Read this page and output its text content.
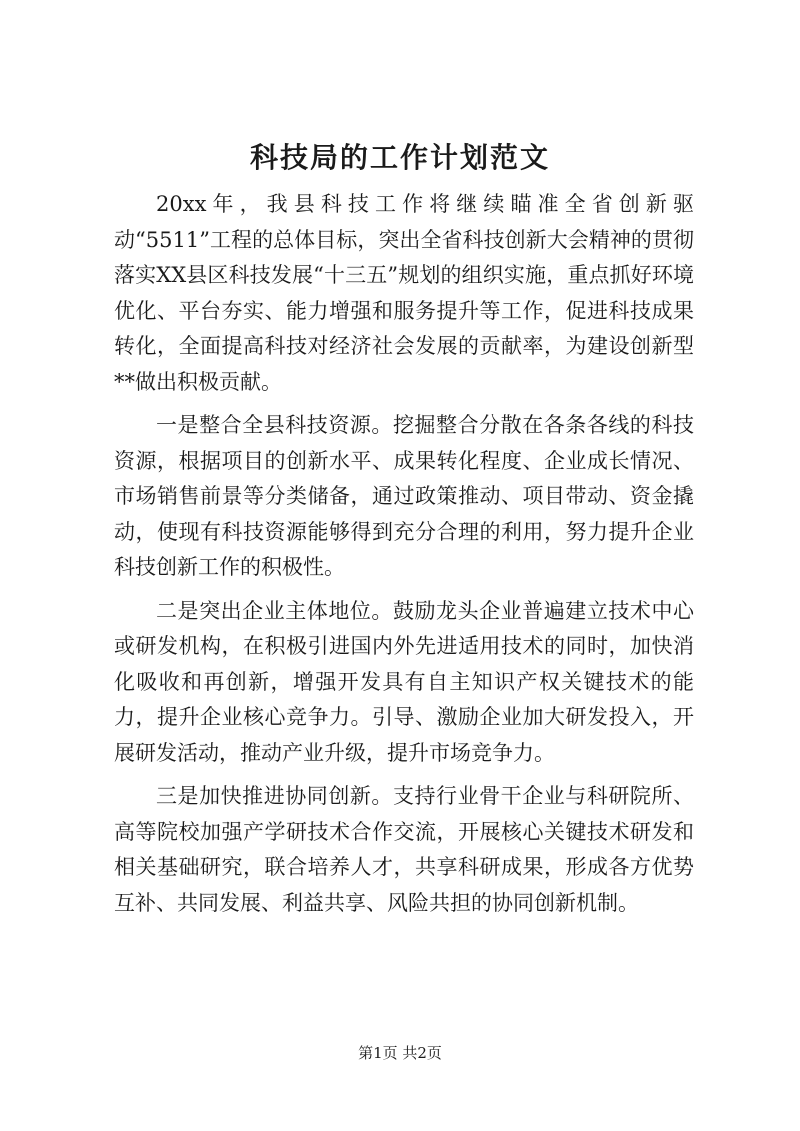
科技局的工作计划范文

20xx年，我县科技工作将继续瞄准全省创新驱动“5511”工程的总体目标，突出全省科技创新大会精神的贯彻落实XX县区科技发展“十三五”规划的组织实施，重点抓好环境优化、平台夯实、能力增强和服务提升等工作，促进科技成果转化，全面提高科技对经济社会发展的贡献率，为建设创新型**做出积极贡献。

一是整合全县科技资源。挖掘整合分散在各条各线的科技资源，根据项目的创新水平、成果转化程度、企业成长情况、市场销售前景等分类储备，通过政策推动、项目带动、资金撬动，使现有科技资源能够得到充分合理的利用，努力提升企业科技创新工作的积极性。

二是突出企业主体地位。鼓励龙头企业普遍建立技术中心或研发机构，在积极引进国内外先进适用技术的同时，加快消化吸收和再创新，增强开发具有自主知识产权关键技术的能力，提升企业核心竞争力。引导、激励企业加大研发投入，开展研发活动，推动产业升级，提升市场竞争力。

三是加快推进协同创新。支持行业骨干企业与科研院所、高等院校加强产学研技术合作交流，开展核心关键技术研发和相关基础研究，联合培养人才，共享科研成果，形成各方优势互补、共同发展、利益共享、风险共担的协同创新机制。

第1页 共2页
